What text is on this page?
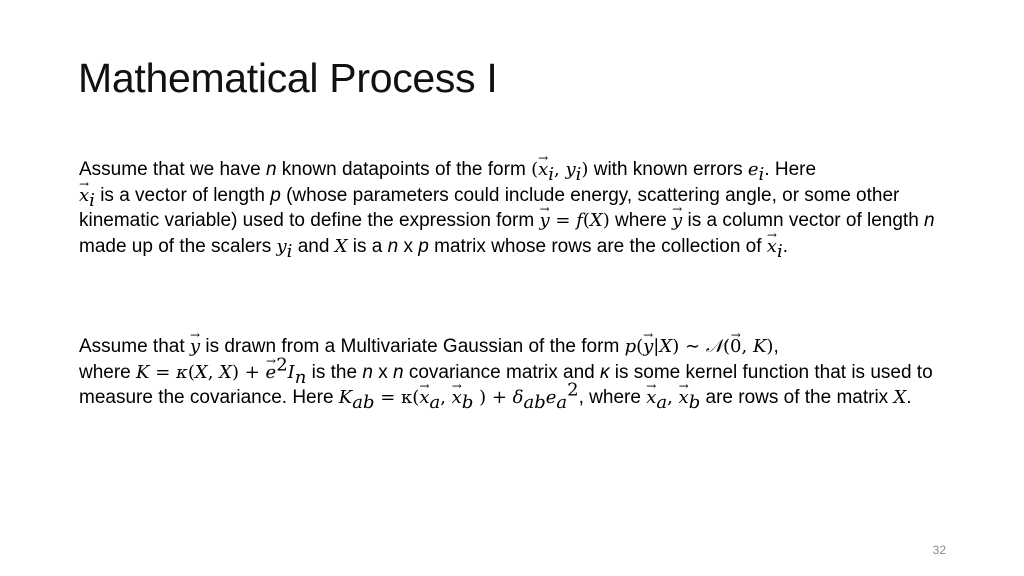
Mathematical Process I
Assume that we have n known datapoints of the form (→ $x_i$, $y_i$) with known errors $e_i$. Here
→ $x_i$ is a vector of length p (whose parameters could include energy, scattering angle, or some other kinematic variable) used to define the expression form → y = f(X) where → y is a column vector of length n made up of the scalers $y_i$ and X is a n x p matrix whose rows are the collection of → $x_i$.
Assume that → y is drawn from a Multivariate Gaussian of the form p(→ y|X) ∼ 𝒩(→ 0, K),
where K = κ(X, X) + → $e^2I_n$ is the n x n covariance matrix and κ is some kernel function that is used to measure the covariance. Here $K_{ab} = \kappa(\to x_a$, → $x_b$ ) + $\delta_{ab}e_a^2$, where → $x_a$, → $x_b$ are rows of the matrix X.
32
